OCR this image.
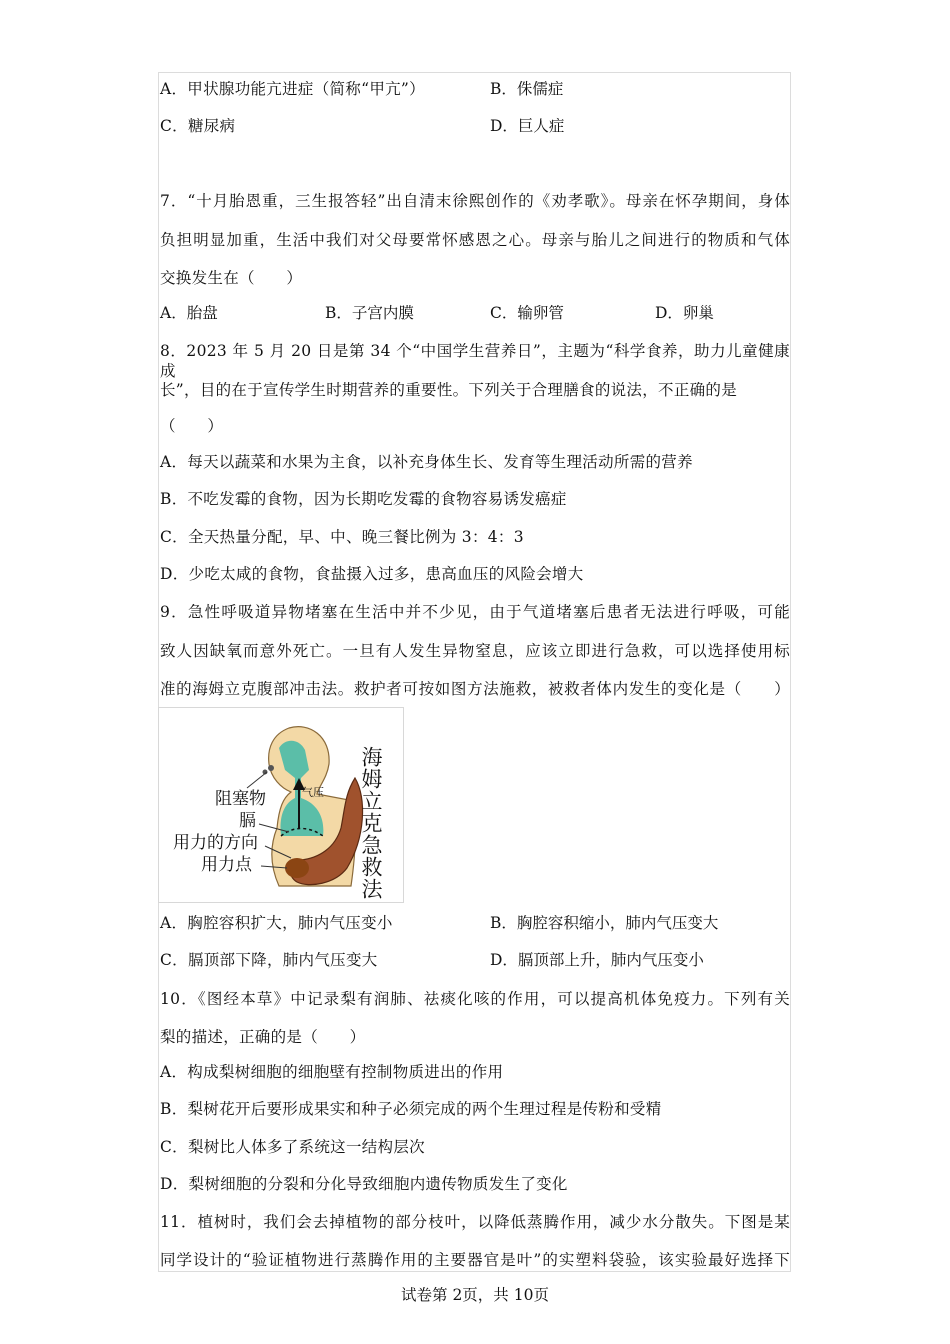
A．甲状腺功能亢进症（简称“甲亢”）	B．侏儒症
C．糖尿病	D．巨人症
7．“十月胎恩重，三生报答轻”出自清末徐熙创作的《劝孝歌》。母亲在怀孕期间，身体
负担明显加重，生活中我们对父母要常怀感恩之心。母亲与胎儿之间进行的物质和气体
交换发生在（　　）
A．胎盘	B．子宫内膜	C．输卵管	D．卵巢
8．2023 年 5 月 20 日是第 34 个“中国学生营养日”，主题为“科学食养，助力儿童健康成
长”，目的在于宣传学生时期营养的重要性。下列关于合理膳食的说法，不正确的是
（　　）
A．每天以蔬菜和水果为主食，以补充身体生长、发育等生理活动所需的营养
B．不吃发霉的食物，因为长期吃发霉的食物容易诱发癌症
C．全天热量分配，早、中、晚三餐比例为 3：4：3
D．少吃太咸的食物，食盐摄入过多，患高血压的风险会增大
9．急性呼吸道异物堵塞在生活中并不少见，由于气道堵塞后患者无法进行呼吸，可能
致人因缺氧而意外死亡。一旦有人发生异物窒息，应该立即进行急救，可以选择使用标
准的海姆立克腹部冲击法。救护者可按如图方法施救，被救者体内发生的变化是（　　）
阻塞物
膈
用力的方向
用力点
气压 海姆立克急救法
A．胸腔容积扩大，肺内气压变小	B．胸腔容积缩小，肺内气压变大
C．膈顶部下降，肺内气压变大	D．膈顶部上升，肺内气压变小
10．《图经本草》中记录梨有润肺、祛痰化咳的作用，可以提高机体免疫力。下列有关
梨的描述，正确的是（　　）
A．构成梨树细胞的细胞壁有控制物质进出的作用
B．梨树花开后要形成果实和种子必须完成的两个生理过程是传粉和受精
C．梨树比人体多了系统这一结构层次
D．梨树细胞的分裂和分化导致细胞内遗传物质发生了变化
11．植树时，我们会去掉植物的部分枝叶，以降低蒸腾作用，减少水分散失。下图是某
同学设计的“验证植物进行蒸腾作用的主要器官是叶”的实塑料袋验，该实验最好选择下
试卷第 2页，共 10页
